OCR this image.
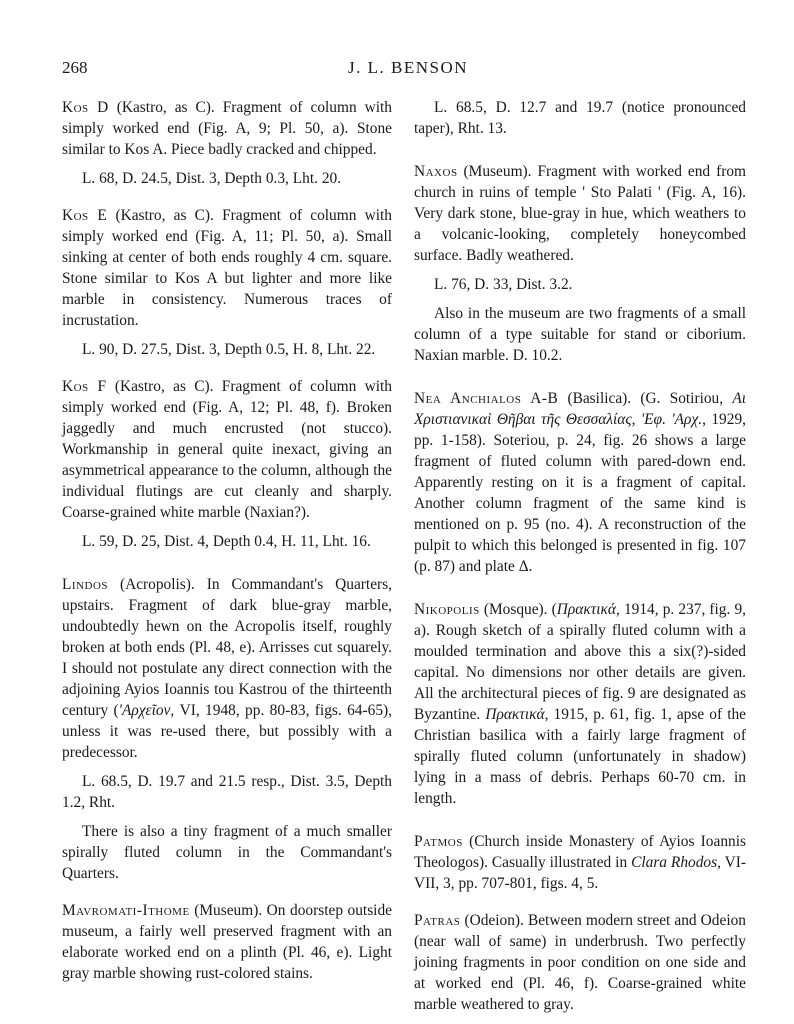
268	J. L. BENSON

Kos D (Kastro, as C). Fragment of column with simply worked end (Fig. A, 9; Pl. 50, a). Stone similar to Kos A. Piece badly cracked and chipped.

L. 68, D. 24.5, Dist. 3, Depth 0.3, Lht. 20.

Kos E (Kastro, as C). Fragment of column with simply worked end (Fig. A, 11; Pl. 50, a). Small sinking at center of both ends roughly 4 cm. square. Stone similar to Kos A but lighter and more like marble in consistency. Numerous traces of incrustation.

L. 90, D. 27.5, Dist. 3, Depth 0.5, H. 8, Lht. 22.

Kos F (Kastro, as C). Fragment of column with simply worked end (Fig. A, 12; Pl. 48, f). Broken jaggedly and much encrusted (not stucco). Workmanship in general quite inexact, giving an asymmetrical appearance to the column, although the individual flutings are cut cleanly and sharply. Coarse-grained white marble (Naxian?).

L. 59, D. 25, Dist. 4, Depth 0.4, H. 11, Lht. 16.

Lindos (Acropolis). In Commandant's Quarters, upstairs. Fragment of dark blue-gray marble, undoubtedly hewn on the Acropolis itself, roughly broken at both ends (Pl. 48, e). Arrisses cut squarely. I should not postulate any direct connection with the adjoining Ayios Ioannis tou Kastrou of the thirteenth century ('Αρχεῖον, VI, 1948, pp. 80-83, figs. 64-65), unless it was re-used there, but possibly with a predecessor.

L. 68.5, D. 19.7 and 21.5 resp., Dist. 3.5, Depth 1.2, Rht.

There is also a tiny fragment of a much smaller spirally fluted column in the Commandant's Quarters.

Mavromati-Ithome (Museum). On doorstep outside museum, a fairly well preserved fragment with an elaborate worked end on a plinth (Pl. 46, e). Light gray marble showing rust-colored stains.

L. 68.5, D. 12.7 and 19.7 (notice pronounced taper), Rht. 13.

Naxos (Museum). Fragment with worked end from church in ruins of temple ' Sto Palati ' (Fig. A, 16). Very dark stone, blue-gray in hue, which weathers to a volcanic-looking, completely honeycombed surface. Badly weathered.

L. 76, D. 33, Dist. 3.2.

Also in the museum are two fragments of a small column of a type suitable for stand or ciborium. Naxian marble. D. 10.2.

Nea Anchialos A-B (Basilica). (G. Sotiriou, Αι Χριστιανικαὶ Θῆβαι τῆς Θεσσαλίας, 'Εφ. 'Αρχ., 1929, pp. 1-158). Soteriou, p. 24, fig. 26 shows a large fragment of fluted column with pared-down end. Apparently resting on it is a fragment of capital. Another column fragment of the same kind is mentioned on p. 95 (no. 4). A reconstruction of the pulpit to which this belonged is presented in fig. 107 (p. 87) and plate Δ.

Nikopolis (Mosque). (Πρακτικά, 1914, p. 237, fig. 9, a). Rough sketch of a spirally fluted column with a moulded termination and above this a six(?)-sided capital. No dimensions nor other details are given. All the architectural pieces of fig. 9 are designated as Byzantine. Πρακτικά, 1915, p. 61, fig. 1, apse of the Christian basilica with a fairly large fragment of spirally fluted column (unfortunately in shadow) lying in a mass of debris. Perhaps 60-70 cm. in length.

Patmos (Church inside Monastery of Ayios Ioannis Theologos). Casually illustrated in Clara Rhodos, VI-VII, 3, pp. 707-801, figs. 4, 5.

Patras (Odeion). Between modern street and Odeion (near wall of same) in underbrush. Two perfectly joining fragments in poor condition on one side and at worked end (Pl. 46, f). Coarse-grained white marble weathered to gray.
